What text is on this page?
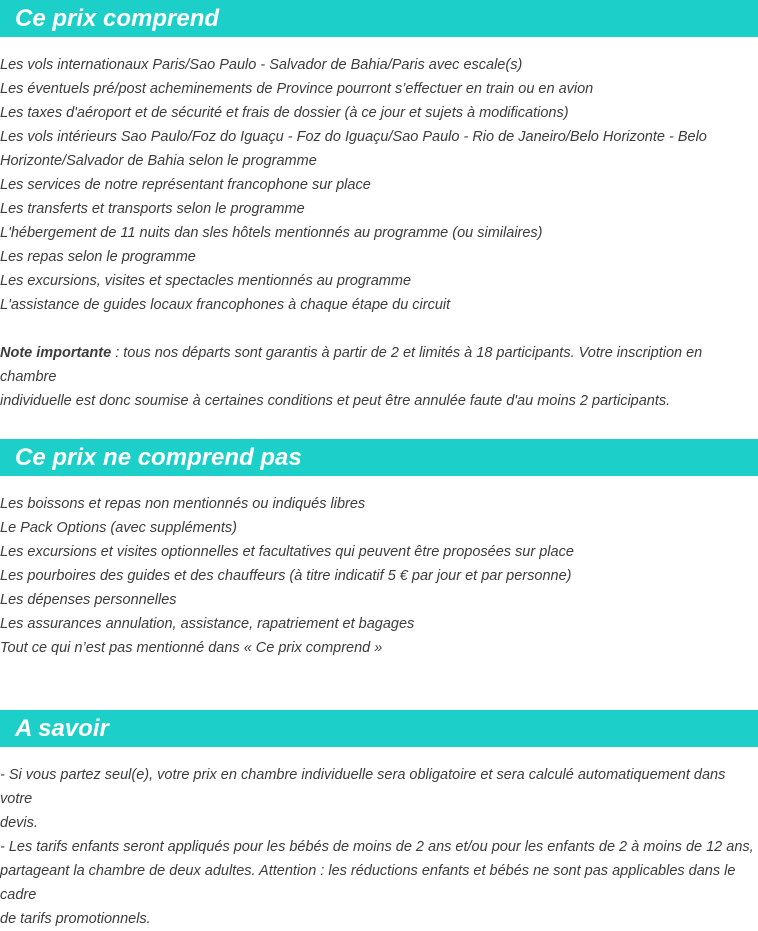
Ce prix comprend

Les vols internationaux Paris/Sao Paulo - Salvador de Bahia/Paris avec escale(s)

Les éventuels pré/post acheminements de Province pourront s’effectuer en train ou en avion

Les taxes d'aéroport et de sécurité et frais de dossier (à ce jour et sujets à modifications)

Les vols intérieurs Sao Paulo/Foz do Iguaçu - Foz do Iguaçu/Sao Paulo - Rio de Janeiro/Belo Horizonte - Belo

Horizonte/Salvador de Bahia selon le programme

Les services de notre représentant francophone sur place

Les transferts et transports selon le programme

L'hébergement de 11 nuits dan sles hôtels mentionnés au programme (ou similaires)

Les repas selon le programme

Les excursions, visites et spectacles mentionnés au programme

L'assistance de guides locaux francophones à chaque étape du circuit

Note importante : tous nos départs sont garantis à partir de 2 et limités à 18 participants. Votre inscription en chambre

individuelle est donc soumise à certaines conditions et peut être annulée faute d'au moins 2 participants.

Ce prix ne comprend pas

Les boissons et repas non mentionnés ou indiqués libres

Le Pack Options (avec suppléments)

Les excursions et visites optionnelles et facultatives qui peuvent être proposées sur place

Les pourboires des guides et des chauffeurs (à titre indicatif 5 € par jour et par personne)

Les dépenses personnelles

Les assurances annulation, assistance, rapatriement et bagages

Tout ce qui n’est pas mentionné dans « Ce prix comprend »

A savoir

- Si vous partez seul(e), votre prix en chambre individuelle sera obligatoire et sera calculé automatiquement dans votre

devis.

- Les tarifs enfants seront appliqués pour les bébés de moins de 2 ans et/ou pour les enfants de 2 à moins de 12 ans,

partageant la chambre de deux adultes. Attention : les réductions enfants et bébés ne sont pas applicables dans le cadre

de tarifs promotionnels.
